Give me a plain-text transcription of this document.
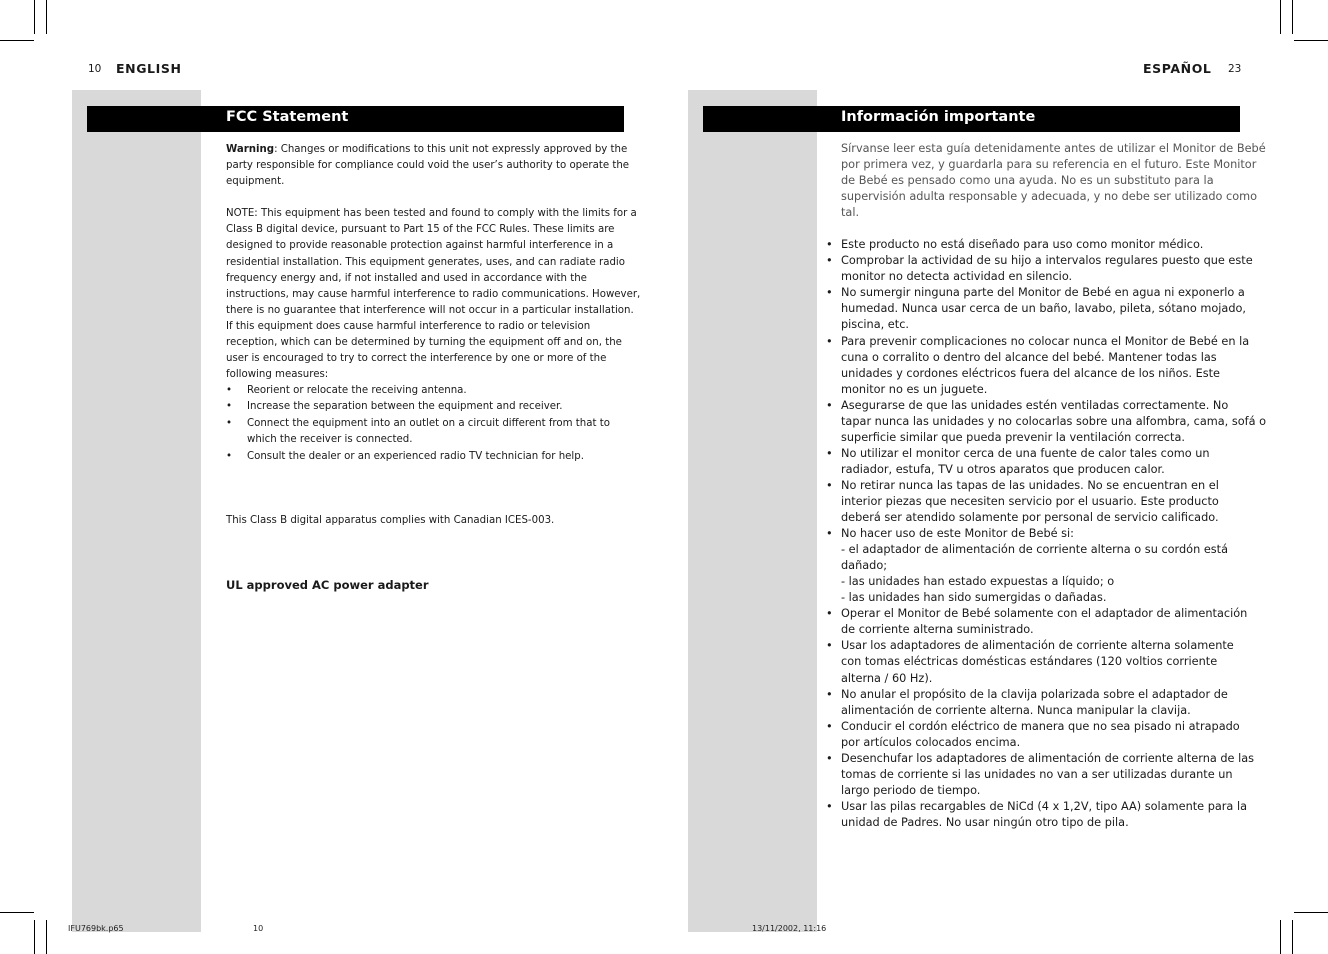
10 ENGLISH
FCC Statement

Warning: Changes or modifications to this unit not expressly approved by the

party responsible for compliance could void the user’s authority to operate the

equipment.

NOTE: This equipment has been tested and found to comply with the limits for a

Class B digital device, pursuant to Part 15 of the FCC Rules. These limits are

designed to provide reasonable protection against harmful interference in a

residential installation. This equipment generates, uses, and can radiate radio

frequency energy and, if not installed and used in accordance with the

instructions, may cause harmful interference to radio communications. However,

there is no guarantee that interference will not occur in a particular installation.

If this equipment does cause harmful interference to radio or television

reception, which can be determined by turning the equipment off and on, the

user is encouraged to try to correct the interference by one or more of the

following measures:

• Reorient or relocate the receiving antenna.

• Increase the separation between the equipment and receiver.

• Connect the equipment into an outlet on a circuit different from that to

which the receiver is connected.

• Consult the dealer or an experienced radio TV technician for help.

This Class B digital apparatus complies with Canadian ICES-003.

UL approved AC power adapter

ESPAÑOL 23
Información importante

Sírvanse leer esta guía detenidamente antes de utilizar el Monitor de Bebé

por primera vez, y guardarla para su referencia en el futuro. Este Monitor

de Bebé es pensado como una ayuda. No es un substituto para la

supervisión adulta responsable y adecuada, y no debe ser utilizado como

tal.

• Este producto no está diseñado para uso como monitor médico.

• Comprobar la actividad de su hijo a intervalos regulares puesto que este

monitor no detecta actividad en silencio.

• No sumergir ninguna parte del Monitor de Bebé en agua ni exponerlo a

humedad. Nunca usar cerca de un baño, lavabo, pileta, sótano mojado,

piscina, etc.

• Para prevenir complicaciones no colocar nunca el Monitor de Bebé en la

cuna o corralito o dentro del alcance del bebé. Mantener todas las

unidades y cordones eléctricos fuera del alcance de los niños. Este

monitor no es un juguete.

• Asegurarse de que las unidades estén ventiladas correctamente. No

tapar nunca las unidades y no colocarlas sobre una alfombra, cama, sofá o

superficie similar que pueda prevenir la ventilación correcta.

• No utilizar el monitor cerca de una fuente de calor tales como un

radiador, estufa, TV u otros aparatos que producen calor.

• No retirar nunca las tapas de las unidades. No se encuentran en el

interior piezas que necesiten servicio por el usuario. Este producto

deberá ser atendido solamente por personal de servicio calificado.

• No hacer uso de este Monitor de Bebé si:

- el adaptador de alimentación de corriente alterna o su cordón está

dañado;

- las unidades han estado expuestas a líquido; o

- las unidades han sido sumergidas o dañadas.

• Operar el Monitor de Bebé solamente con el adaptador de alimentación

de corriente alterna suministrado.

• Usar los adaptadores de alimentación de corriente alterna solamente

con tomas eléctricas domésticas estándares (120 voltios corriente

alterna / 60 Hz).

• No anular el propósito de la clavija polarizada sobre el adaptador de

alimentación de corriente alterna. Nunca manipular la clavija.

• Conducir el cordón eléctrico de manera que no sea pisado ni atrapado

por artículos colocados encima.

• Desenchufar los adaptadores de alimentación de corriente alterna de las

tomas de corriente si las unidades no van a ser utilizadas durante un

largo periodo de tiempo.

• Usar las pilas recargables de NiCd (4 x 1,2V, tipo AA) solamente para la

unidad de Padres. No usar ningún otro tipo de pila.

IFU769bk.p65	10	13/11/2002, 11:16
